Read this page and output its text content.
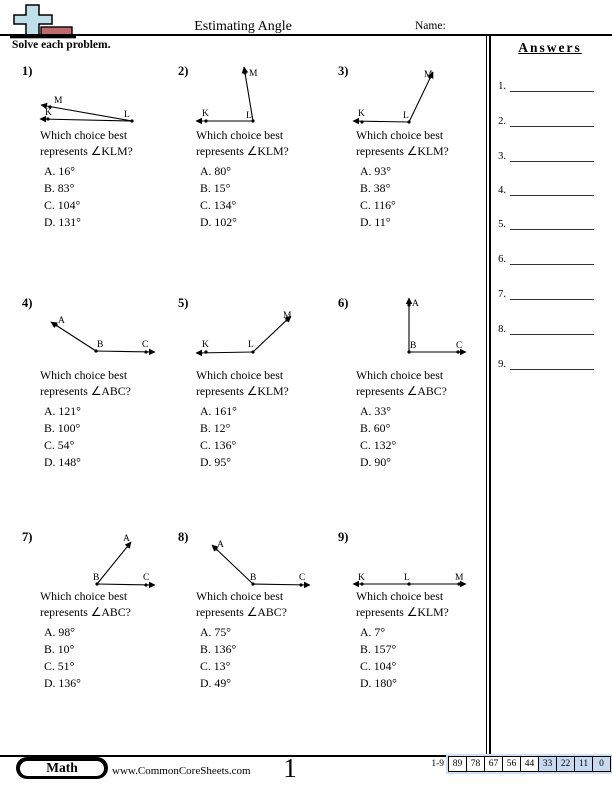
Estimating Angle	Name:
Solve each problem.
1)
K
M
L
Which choice best
represents ∠KLM?
A. 16°
B. 83°
C. 104°
D. 131°
2)
K
M
L
Which choice best
represents ∠KLM?
A. 80°
B. 15°
C. 134°
D. 102°
3)
K
M
L
Which choice best
represents ∠KLM?
A. 93°
B. 38°
C. 116°
D. 11°
4)
A
B	C
Which choice best
represents ∠ABC?
A. 121°
B. 100°
C. 54°
D. 148°
5)
K	L
M
Which choice best
represents ∠KLM?
A. 161°
B. 12°
C. 136°
D. 95°
6)	A
B	C
Which choice best
represents ∠ABC?
A. 33°
B. 60°
C. 132°
D. 90°
7)	A
B	C
Which choice best
represents ∠ABC?
A. 98°
B. 10°
C. 51°
D. 136°
8)
A
B	C
Which choice best
represents ∠ABC?
A. 75°
B. 136°
C. 13°
D. 49°
9)
K	L	M
Which choice best
represents ∠KLM?
A. 7°
B. 157°
C. 104°
D. 180°
Answers
1.
2.
3.
4.
5.
6.
7.
8.
9.
Math	www.CommonCoreSheets.com	1	1-9 89 78 67 56 44 33 22 11	0
